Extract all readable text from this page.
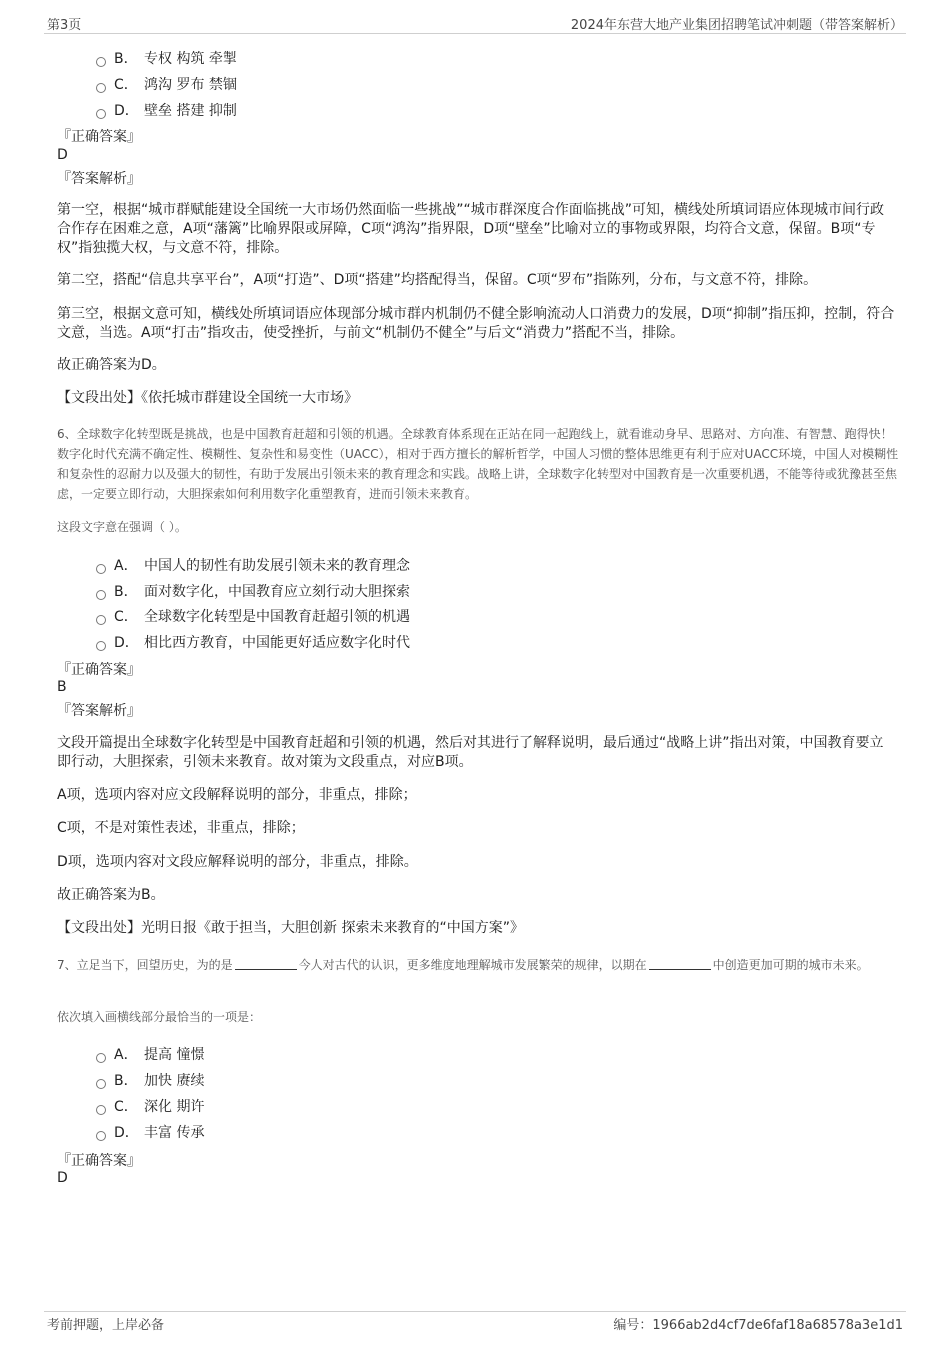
第3页	2024年东营大地产业集团招聘笔试冲刺题（带答案解析）
B． 专权 构筑 牵掣
C． 鸿沟 罗布 禁锢
D． 壁垒 搭建 抑制
『正确答案』
D
『答案解析』
第一空，根据“城市群赋能建设全国统一大市场仍然面临一些挑战”“城市群深度合作面临挑战”可知，横线处所填词语应体现城市间行政合作存在困难之意，A项“藩篱”比喻界限或屏障，C项“鸿沟”指界限，D项“壁垒”比喻对立的事物或界限，均符合文意，保留。B项“专权”指独揽大权，与文意不符，排除。
第二空，搭配“信息共享平台”，A项“打造”、D项“搭建”均搭配得当，保留。C项“罗布”指陈列，分布，与文意不符，排除。
第三空，根据文意可知，横线处所填词语应体现部分城市群内机制仍不健全影响流动人口消费力的发展，D项“抑制”指压抑，控制，符合文意，当选。A项“打击”指攻击，使受挫折，与前文“机制仍不健全”与后文“消费力”搭配不当，排除。
故正确答案为D。
【文段出处】《依托城市群建设全国统一大市场》
6、全球数字化转型既是挑战，也是中国教育赶超和引领的机遇。全球教育体系现在正站在同一起跑线上，就看谁动身早、思路对、方向准、有智慧、跑得快！数字化时代充满不确定性、模糊性、复杂性和易变性（UACC），相对于西方擅长的解析哲学，中国人习惯的整体思维更有利于应对UACC环境，中国人对模糊性和复杂性的忍耐力以及强大的韧性，有助于发展出引领未来的教育理念和实践。战略上讲，全球数字化转型对中国教育是一次重要机遇，不能等待或犹豫甚至焦虑，一定要立即行动，大胆探索如何利用数字化重塑教育，进而引领未来教育。
这段文字意在强调（ ）。
A． 中国人的韧性有助发展引领未来的教育理念
B． 面对数字化，中国教育应立刻行动大胆探索
C． 全球数字化转型是中国教育赶超引领的机遇
D． 相比西方教育，中国能更好适应数字化时代
『正确答案』
B
『答案解析』
文段开篇提出全球数字化转型是中国教育赶超和引领的机遇，然后对其进行了解释说明，最后通过“战略上讲”指出对策，中国教育要立即行动，大胆探索，引领未来教育。故对策为文段重点，对应B项。
A项，选项内容对应文段解释说明的部分，非重点，排除；
C项，不是对策性表述，非重点，排除；
D项，选项内容对文段应解释说明的部分，非重点，排除。
故正确答案为B。
【文段出处】光明日报《敢于担当，大胆创新 探索未来教育的“中国方案”》
7、立足当下，回望历史，为的是	今人对古代的认识，更多维度地理解城市发展繁荣的规律，以期在	中创造更加可期的城市未来。
依次填入画横线部分最恰当的一项是：
A． 提高 憧憬
B． 加快 赓续
C． 深化 期许
D． 丰富 传承
『正确答案』
D
考前押题，上岸必备	编号：1966ab2d4cf7de6faf18a68578a3e1d1
